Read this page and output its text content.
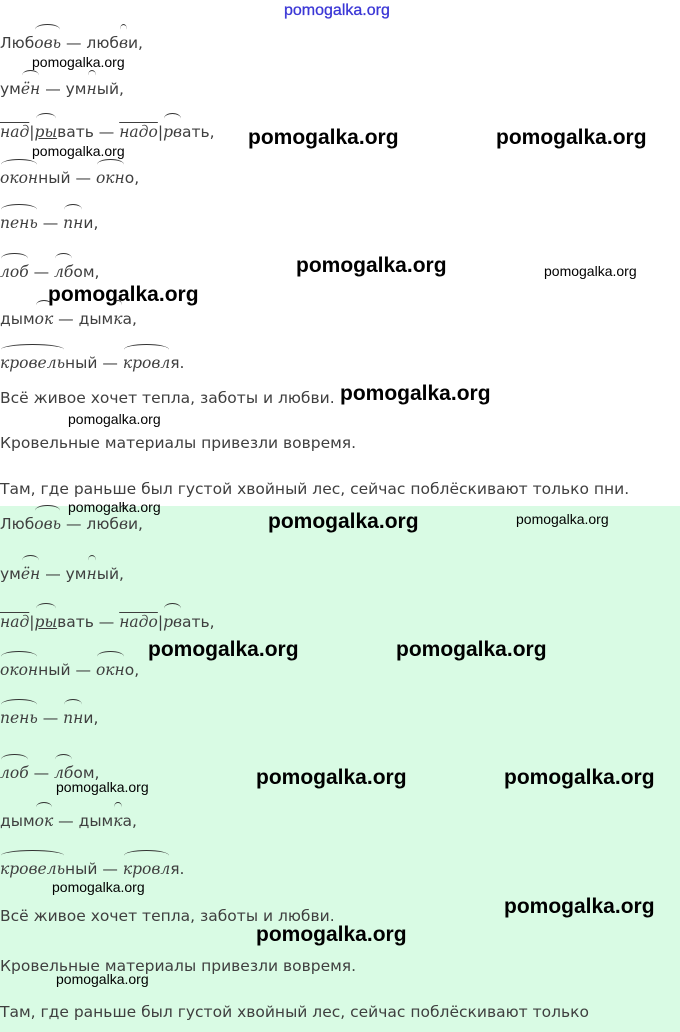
pomogalka.org
Любовь — любви,
умён — умный,
над|рывать — надо|рвать,
оконный — окно,
пень — пни,
лоб — лбом,
дымок — дымка,
кровельный — кровля.
Всё живое хочет тепла, заботы и любви.
Кровельные материалы привезли вовремя.
Там, где раньше был густой хвойный лес, сейчас поблёскивают только пни.
Любовь — любви,
умён — умный,
над|рывать — надо|рвать,
оконный — окно,
пень — пни,
лоб — лбом,
дымок — дымка,
кровельный — кровля.
Всё живое хочет тепла, заботы и любви.
Кровельные материалы привезли вовремя.
Там, где раньше был густой хвойный лес, сейчас поблёскивают только
pomogalka.org
pomogalka.org	pomogalka.org
pomogalka.org
pomogalka.org	pomogalka.org
pomogalka.org
pomogalka.org
pomogalka.org
pomogalka.org
pomogalka.org	pomogalka.org
pomogalka.org	pomogalka.org
pomogalka.org	pomogalka.org
pomogalka.org
pomogalka.org
pomogalka.org
pomogalka.org
pomogalka.org
